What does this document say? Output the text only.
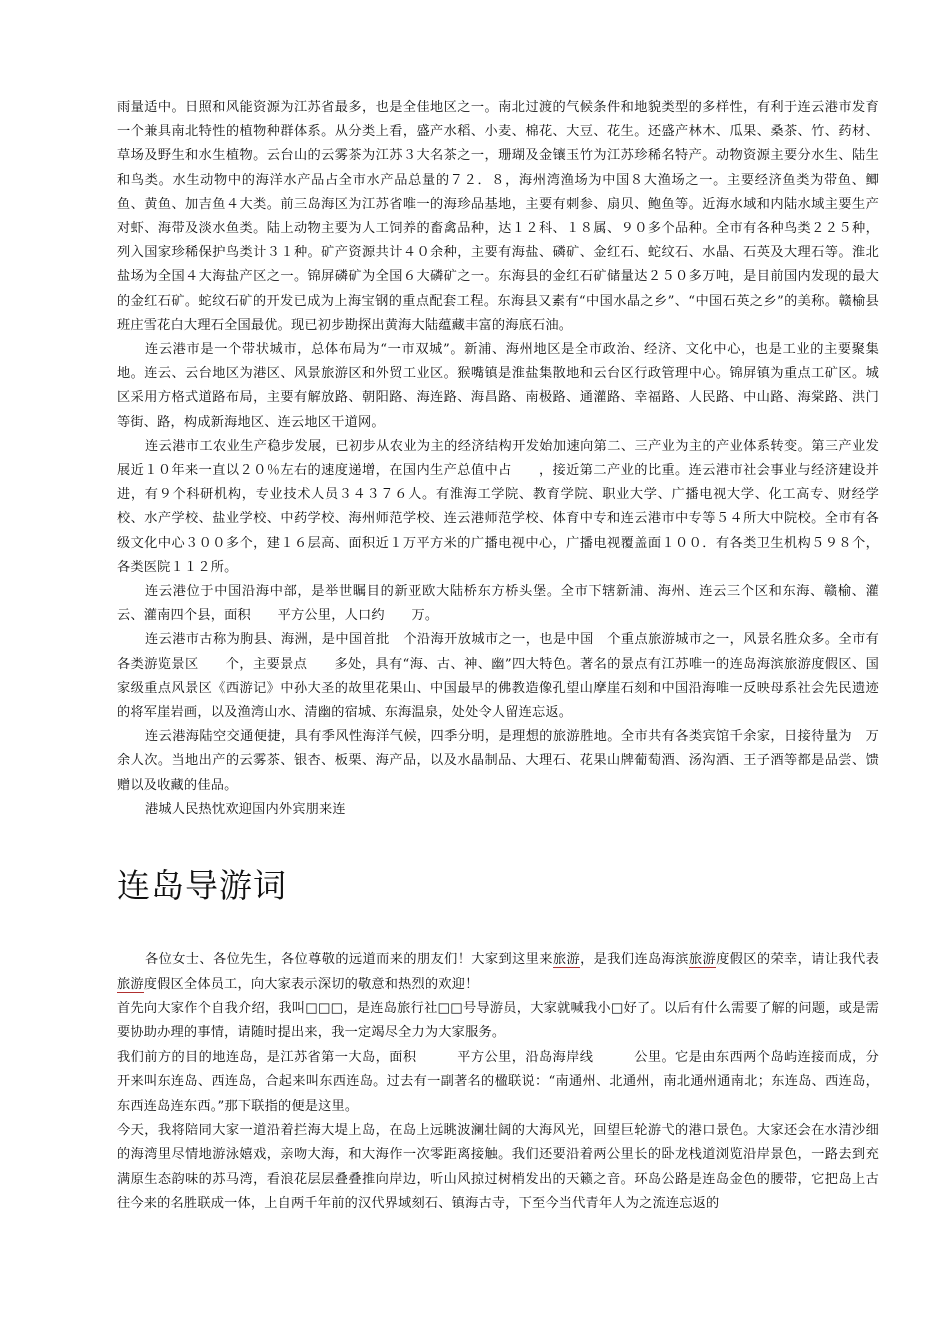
雨量适中。日照和风能资源为江苏省最多，也是全佳地区之一。南北过渡的气候条件和地貌类型的多样性，有利于连云港市发育一个兼具南北特性的植物种群体系。从分类上看，盛产水稻、小麦、棉花、大豆、花生。还盛产林木、瓜果、桑茶、竹、药材、草场及野生和水生植物。云台山的云雾茶为江苏３大名茶之一，珊瑚及金镶玉竹为江苏珍稀名特产。动物资源主要分水生、陆生和鸟类。水生动物中的海洋水产品占全市水产品总量的７２．８，海州湾渔场为中国８大渔场之一。主要经济鱼类为带鱼、鲫鱼、黄鱼、加吉鱼４大类。前三岛海区为江苏省唯一的海珍品基地，主要有刺参、扇贝、鲍鱼等。近海水域和内陆水域主要生产对虾、海带及淡水鱼类。陆上动物主要为人工饲养的畜禽品种，达１２科、１８属、９０多个品种。全市有各种鸟类２２５种，列入国家珍稀保护鸟类计３１种。矿产资源共计４０余种，主要有海盐、磷矿、金红石、蛇纹石、水晶、石英及大理石等。淮北盐场为全国４大海盐产区之一。锦屏磷矿为全国６大磷矿之一。东海县的金红石矿储量达２５０多万吨，是目前国内发现的最大的金红石矿。蛇纹石矿的开发已成为上海宝钢的重点配套工程。东海县又素有“中国水晶之乡”、“中国石英之乡”的美称。赣榆县班庄雪花白大理石全国最优。现已初步勘探出黄海大陆蕴藏丰富的海底石油。

连云港市是一个带状城市，总体布局为“一市双城”。新浦、海州地区是全市政治、经济、文化中心，也是工业的主要聚集地。连云、云台地区为港区、风景旅游区和外贸工业区。猴嘴镇是淮盐集散地和云台区行政管理中心。锦屏镇为重点工矿区。城区采用方格式道路布局，主要有解放路、朝阳路、海连路、海昌路、南极路、通灌路、幸福路、人民路、中山路、海棠路、洪门等街、路，构成新海地区、连云地区干道网。

连云港市工农业生产稳步发展，已初步从农业为主的经济结构开发始加速向第二、三产业为主的产业体系转变。第三产业发展近１０年来一直以２０％左右的速度递增，在国内生产总值中占　　，接近第二产业的比重。连云港市社会事业与经济建设并进，有９个科研机构，专业技术人员３４３７６人。有淮海工学院、教育学院、职业大学、广播电视大学、化工高专、财经学校、水产学校、盐业学校、中药学校、海州师范学校、连云港师范学校、体育中专和连云港市中专等５４所大中院校。全市有各级文化中心３００多个，建１６层高、面积近１万平方米的广播电视中心，广播电视覆盖面１００．有各类卫生机构５９８个，各类医院１１２所。

连云港位于中国沿海中部，是举世瞩目的新亚欧大陆桥东方桥头堡。全市下辖新浦、海州、连云三个区和东海、赣榆、灌云、灌南四个县，面积　　平方公里，人口约　　万。

连云港市古称为朐县、海洲，是中国首批　个沿海开放城市之一，也是中国　个重点旅游城市之一，风景名胜众多。全市有各类游览景区　　个，主要景点　　多处，具有“海、古、神、幽”四大特色。著名的景点有江苏唯一的连岛海滨旅游度假区、国家级重点风景区《西游记》中孙大圣的故里花果山、中国最早的佛教造像孔望山摩崖石刻和中国沿海唯一反映母系社会先民遗迹的将军崖岩画，以及渔湾山水、清幽的宿城、东海温泉，处处令人留连忘返。

连云港海陆空交通便捷，具有季风性海洋气候，四季分明，是理想的旅游胜地。全市共有各类宾馆千余家，日接待量为　万余人次。当地出产的云雾茶、银杏、板栗、海产品，以及水晶制品、大理石、花果山牌葡萄酒、汤沟酒、王子酒等都是品尝、馈赠以及收藏的佳品。

港城人民热忱欢迎国内外宾朋来连

连岛导游词

各位女士、各位先生，各位尊敬的远道而来的朋友们！大家到这里来旅游，是我们连岛海滨旅游度假区的荣幸，请让我代表旅游度假区全体员工，向大家表示深切的敬意和热烈的欢迎！

首先向大家作个自我介绍，我叫□□□，是连岛旅行社□□号导游员，大家就喊我小□好了。以后有什么需要了解的问题，或是需要协助办理的事情，请随时提出来，我一定竭尽全力为大家服务。

我们前方的目的地连岛，是江苏省第一大岛，面积　　　平方公里，沿岛海岸线　　　公里。它是由东西两个岛屿连接而成，分开来叫东连岛、西连岛，合起来叫东西连岛。过去有一副著名的楹联说：“南通州、北通州，南北通州通南北；东连岛、西连岛，东西连岛连东西。”那下联指的便是这里。

今天，我将陪同大家一道沿着拦海大堤上岛，在岛上远眺波澜壮阔的大海风光，回望巨轮游弋的港口景色。大家还会在水清沙细的海湾里尽情地游泳嬉戏，亲吻大海，和大海作一次零距离接触。我们还要沿着两公里长的卧龙栈道浏览沿岸景色，一路去到充满原生态韵味的苏马湾，看浪花层层叠叠推向岸边，听山风掠过树梢发出的天籁之音。环岛公路是连岛金色的腰带，它把岛上古往今来的名胜联成一体，上自两千年前的汉代界域刻石、镇海古寺，下至今当代青年人为之流连忘返的
